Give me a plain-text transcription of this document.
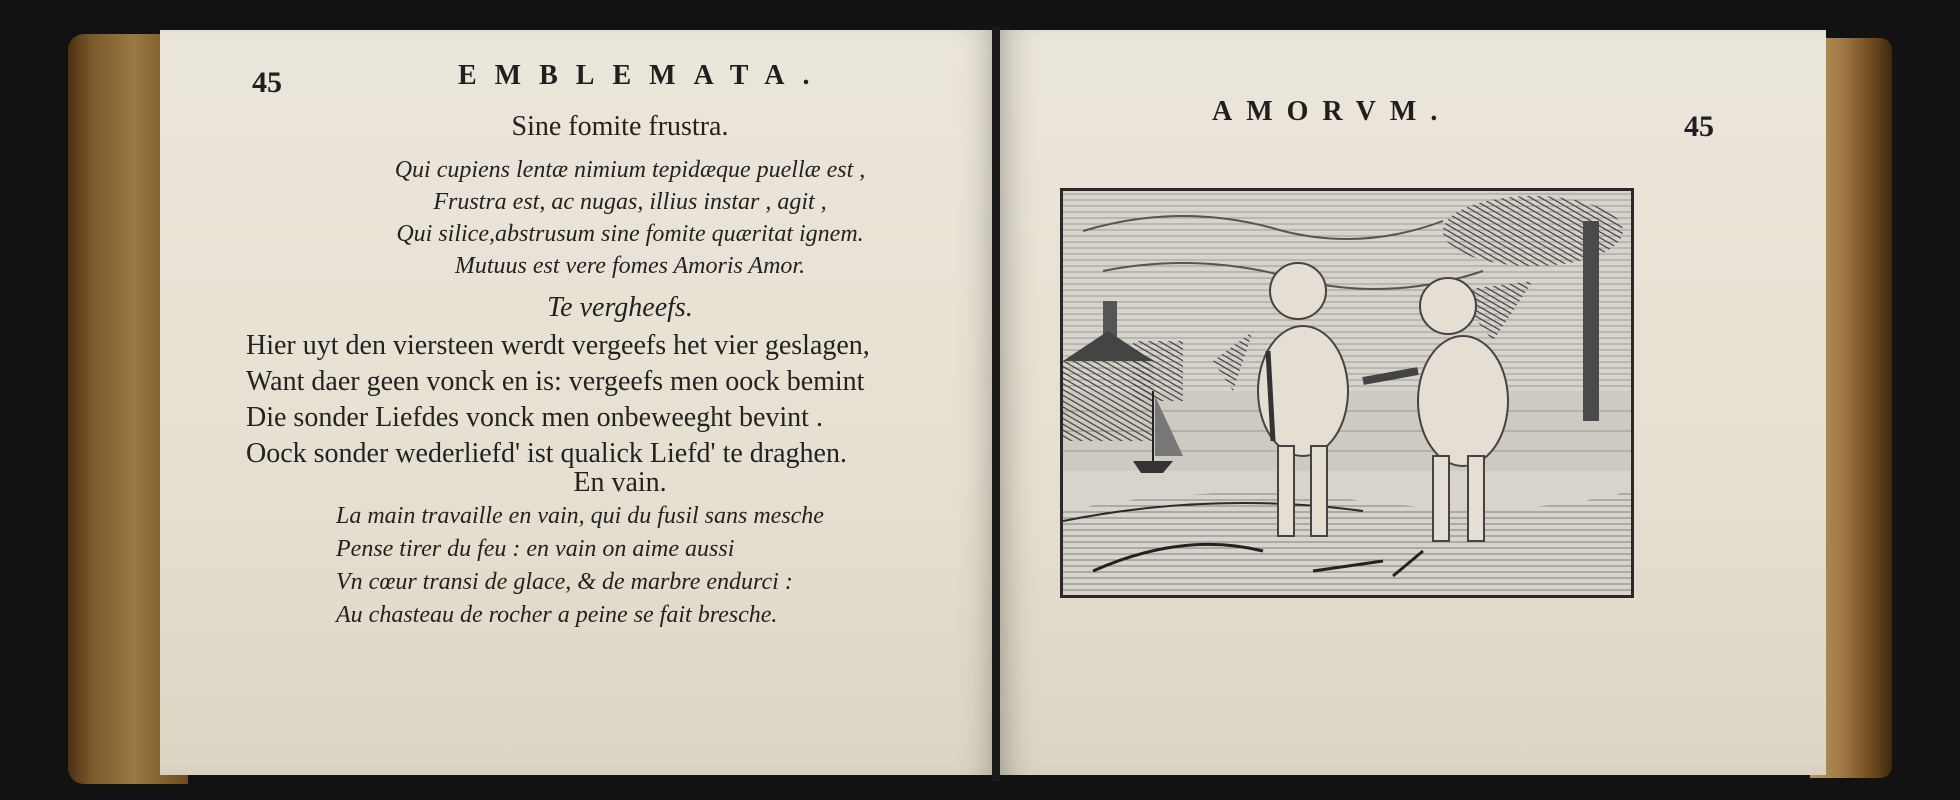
45	EMBLEMATA.
Sine fomite frustra.
Qui cupiens lentæ nimium tepidæque puellæ est ,
Frustra est, ac nugas, illius instar , agit ,
Qui silice,abstrusum sine fomite quæritat ignem.
Mutuus est vere fomes Amoris Amor.
Te vergheefs.
Hier uyt den viersteen werdt vergeefs het vier geslagen,
Want daer geen vonck en is: vergeefs men oock bemint
Die sonder Liefdes vonck men onbeweeght bevint .
Oock sonder wederliefd' ist qualick Liefd' te draghen.
En vain.
La main travaille en vain, qui du fusil sans mesche
Pense tirer du feu : en vain on aime aussi
Vn cœur transi de glace, & de marbre endurci :
Au chasteau de rocher a peine se fait bresche.
AMORVM.	45
